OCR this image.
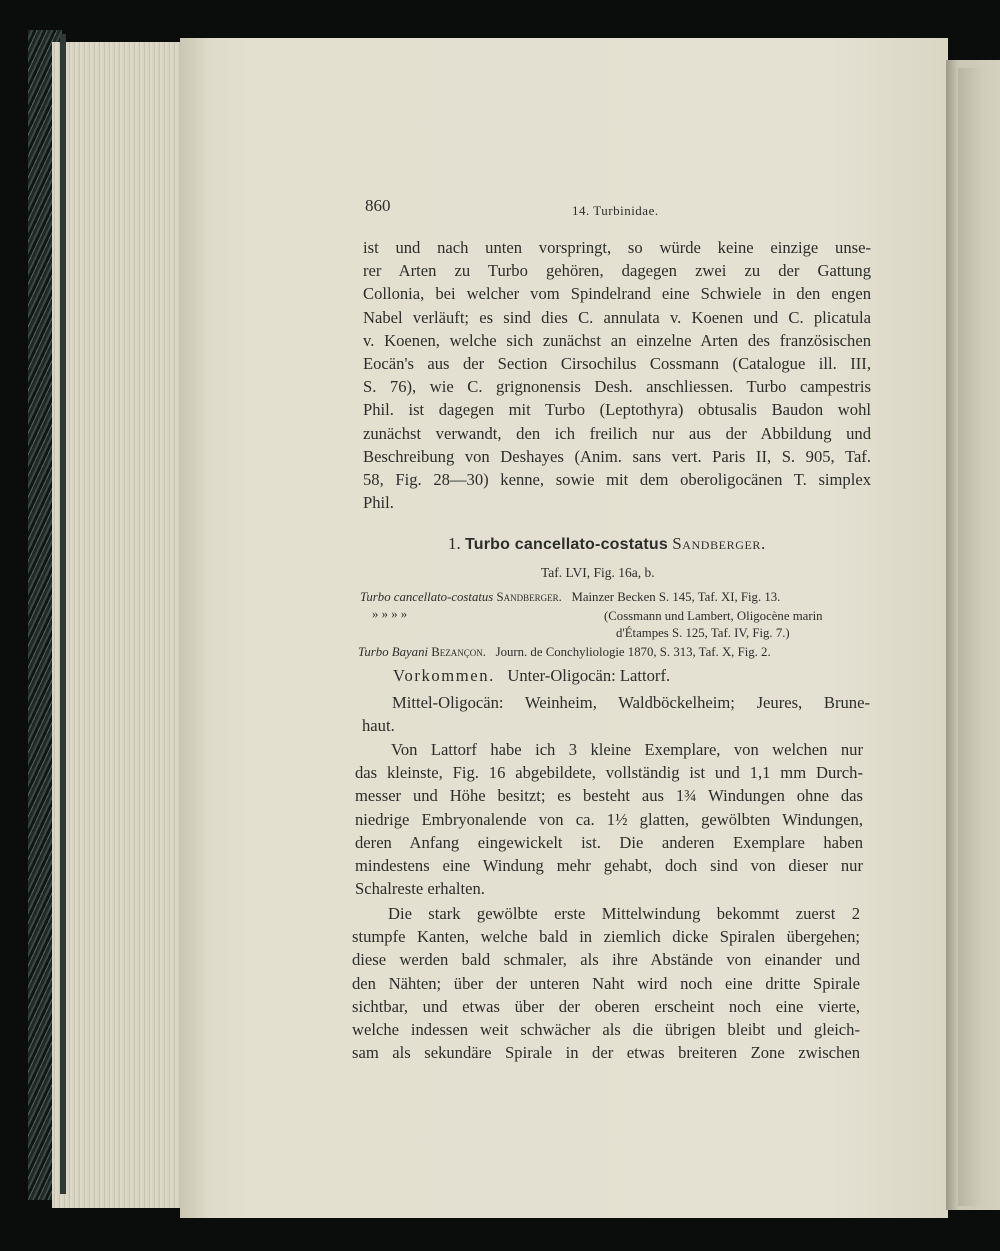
860	14. Turbinidae.
ist und nach unten vorspringt, so würde keine einzige unse-
rer Arten zu Turbo gehören, dagegen zwei zu der Gattung
Collonia, bei welcher vom Spindelrand eine Schwiele in den engen
Nabel verläuft; es sind dies C. annulata v. Koenen und C. plicatula
v. Koenen, welche sich zunächst an einzelne Arten des französischen
Eocän's aus der Section Cirsochilus Cossmann (Catalogue ill. III,
S. 76), wie C. grignonensis Desh. anschliessen. Turbo campestris
Phil. ist dagegen mit Turbo (Leptothyra) obtusalis Baudon wohl
zunächst verwandt, den ich freilich nur aus der Abbildung und
Beschreibung von Deshayes (Anim. sans vert. Paris II, S. 905, Taf.
58, Fig. 28—30) kenne, sowie mit dem oberoligocänen T. simplex
Phil.
1. Turbo cancellato-costatus Sandberger.
Taf. LVI, Fig. 16a, b.
Turbo cancellato-costatus Sandberger. Mainzer Becken S. 145, Taf. XI, Fig. 13.
» » » »	(Cossmann und Lambert, Oligocène marin
d'Étampes S. 125, Taf. IV, Fig. 7.)
Turbo Bayani Bezançon. Journ. de Conchyliologie 1870, S. 313, Taf. X, Fig. 2.
Vorkommen. Unter-Oligocän: Lattorf.
Mittel-Oligocän: Weinheim, Waldböckelheim; Jeures, Brune-
haut.
Von Lattorf habe ich 3 kleine Exemplare, von welchen nur
das kleinste, Fig. 16 abgebildete, vollständig ist und 1,1 mm Durch-
messer und Höhe besitzt; es besteht aus 1¾ Windungen ohne das
niedrige Embryonalende von ca. 1½ glatten, gewölbten Windungen,
deren Anfang eingewickelt ist. Die anderen Exemplare haben
mindestens eine Windung mehr gehabt, doch sind von dieser nur
Schalreste erhalten.
Die stark gewölbte erste Mittelwindung bekommt zuerst 2
stumpfe Kanten, welche bald in ziemlich dicke Spiralen übergehen;
diese werden bald schmaler, als ihre Abstände von einander und
den Nähten; über der unteren Naht wird noch eine dritte Spirale
sichtbar, und etwas über der oberen erscheint noch eine vierte,
welche indessen weit schwächer als die übrigen bleibt und gleich-
sam als sekundäre Spirale in der etwas breiteren Zone zwischen
